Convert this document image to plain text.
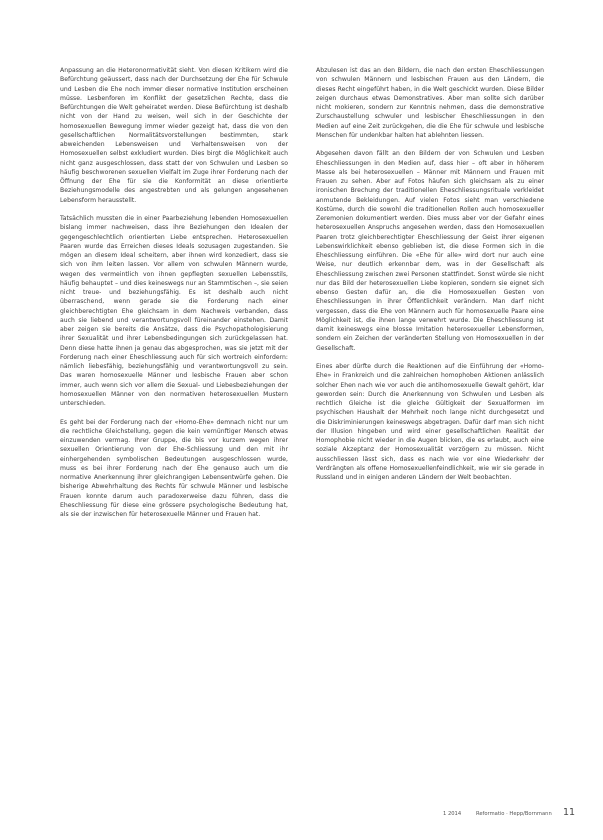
Anpassung an die Heteronormativität sieht. Von diesen Kritikern wird die Befürchtung geäussert, dass nach der Durchsetzung der Ehe für Schwule und Lesben die Ehe noch immer dieser normative Institution erscheinen müsse. Lesbenforen im Konflikt der gesetzlichen Rechte, dass die Befürchtungen die Welt geheiratet werden. Diese Befürchtung ist deshalb nicht von der Hand zu weisen, weil sich in der Geschichte der homosexuellen Bewegung immer wieder gezeigt hat, dass die von den gesellschaftlichen Normalitätsvorstellungen bestimmten, stark abweichenden Lebensweisen und Verhaltensweisen von der Homosexuellen selbst exkludiert wurden. Dies birgt die Möglichkeit auch nicht ganz ausgeschlossen, dass statt der von Schwulen und Lesben so häufig beschworenen sexuellen Vielfalt im Zuge ihrer Forderung nach der Öffnung der Ehe für sie die Konformität an diese orientierte Beziehungsmodelle des angestrebten und als gelungen angesehenen Lebensform herausstellt.

Tatsächlich mussten die in einer Paarbeziehung lebenden Homosexuellen bislang immer nachweisen, dass ihre Beziehungen den Idealen der gegengeschlechtlich orientierten Liebe entsprechen. Heterosexuellen Paaren wurde das Erreichen dieses Ideals sozusagen zugestanden. Sie mögen an diesem Ideal scheitern, aber ihnen wird konzediert, dass sie sich von ihm leiten lassen. Vor allem von schwulen Männern wurde, wegen des vermeintlich von ihnen gepflegten sexuellen Lebensstils, häufig behauptet – und dies keineswegs nur an Stammtischen –, sie seien nicht treue- und beziehungsfähig. Es ist deshalb auch nicht überraschend, wenn gerade sie die Forderung nach einer gleichberechtigten Ehe gleichsam in dem Nachweis verbanden, dass auch sie liebend und verantwortungsvoll füreinander einstehen. Damit aber zeigen sie bereits die Ansätze, dass die Psychopathologisierung ihrer Sexualität und ihrer Lebensbedingungen sich zurückgelassen hat. Denn diese hatte ihnen ja genau das abgesprochen, was sie jetzt mit der Forderung nach einer Eheschliessung auch für sich wortreich einfordern: nämlich liebesfähig, beziehungsfähig und verantwortungsvoll zu sein. Das waren homosexuelle Männer und lesbische Frauen aber schon immer, auch wenn sich vor allem die Sexual- und Liebesbeziehungen der homosexuellen Männer von den normativen heterosexuellen Mustern unterschieden.

Es geht bei der Forderung nach der «Homo-Ehe» demnach nicht nur um die rechtliche Gleichstellung, gegen die kein vernünftiger Mensch etwas einzuwenden vermag. Ihrer Gruppe, die bis vor kurzem wegen ihrer sexuellen Orientierung von der Ehe-Schliessung und den mit ihr einhergehenden symbolischen Bedeutungen ausgeschlossen wurde, muss es bei ihrer Forderung nach der Ehe genauso auch um die normative Anerkennung ihrer gleichrangigen Lebensentwürfe gehen. Die bisherige Abwehrhaltung des Rechts für schwule Männer und lesbische Frauen konnte darum auch paradoxerweise dazu führen, dass die Eheschliessung für diese eine grössere psychologische Bedeutung hat, als sie der inzwischen für heterosexuelle Männer und Frauen hat.

Abzulesen ist das an den Bildern, die nach den ersten Eheschliessungen von schwulen Männern und lesbischen Frauen aus den Ländern, die dieses Recht eingeführt haben, in die Welt geschickt wurden. Diese Bilder zeigen durchaus etwas Demonstratives. Aber man sollte sich darüber nicht mokieren, sondern zur Kenntnis nehmen, dass die demonstrative Zurschaustellung schwuler und lesbischer Eheschliessungen in den Medien auf eine Zeit zurückgehen, die die Ehe für schwule und lesbische Menschen für undenkbar halten hat ablehnten liessen.

Abgesehen davon fällt an den Bildern der von Schwulen und Lesben Eheschliessungen in den Medien auf, dass hier – oft aber in höherem Masse als bei heterosexuellen – Männer mit Männern und Frauen mit Frauen zu sehen. Aber auf Fotos häufen sich gleichsam als zu einer ironischen Brechung der traditionellen Eheschliessungsrituale verkleidet anmutende Bekleidungen. Auf vielen Fotos sieht man verschiedene Kostüme, durch die sowohl die traditionellen Rollen auch homosexueller Zeremonien dokumentiert werden. Dies muss aber vor der Gefahr eines heterosexuellen Anspruchs angesehen werden, dass den Homosexuellen Paaren trotz gleichberechtigter Eheschliessung der Geist ihrer eigenen Lebenswirklichkeit ebenso geblieben ist, die diese Formen sich in die Eheschliessung einführen. Die «Ehe für alle» wird dort nur auch eine Weise, nur deutlich erkennbar dem, was in der Gesellschaft als Eheschliessung zwischen zwei Personen stattfindet. Sonst würde sie nicht nur das Bild der heterosexuellen Liebe kopieren, sondern sie eignet sich ebenso Gesten dafür an, die die Homosexuellen Gesten von Eheschliessungen in ihrer Öffentlichkeit verändern. Man darf nicht vergessen, dass die Ehe von Männern auch für homosexuelle Paare eine Möglichkeit ist, die ihnen lange verwehrt wurde. Die Eheschliessung ist damit keineswegs eine blosse Imitation heterosexueller Lebensformen, sondern ein Zeichen der veränderten Stellung von Homosexuellen in der Gesellschaft.

Eines aber dürfte durch die Reaktionen auf die Einführung der «Homo-Ehe» in Frankreich und die zahlreichen homophoben Aktionen anlässlich solcher Ehen nach wie vor auch die antihomosexuelle Gewalt gehört, klar geworden sein: Durch die Anerkennung von Schwulen und Lesben als rechtlich Gleiche ist die gleiche Gültigkeit der Sexualformen im psychischen Haushalt der Mehrheit noch lange nicht durchgesetzt und die Diskriminierungen keineswegs abgetragen. Dafür darf man sich nicht der Illusion hingeben und wird einer gesellschaftlichen Realität der Homophobie nicht wieder in die Augen blicken, die es erlaubt, auch eine soziale Akzeptanz der Homosexualität verzögern zu müssen. Nicht ausschliessen lässt sich, dass es nach wie vor eine Wiederkehr der Verdrängten als offene Homosexuellenfeindlichkeit, wie wir sie gerade in Russland und in einigen anderen Ländern der Welt beobachten.

1 2014	Reformatio · Hepp/Bornmann 11
